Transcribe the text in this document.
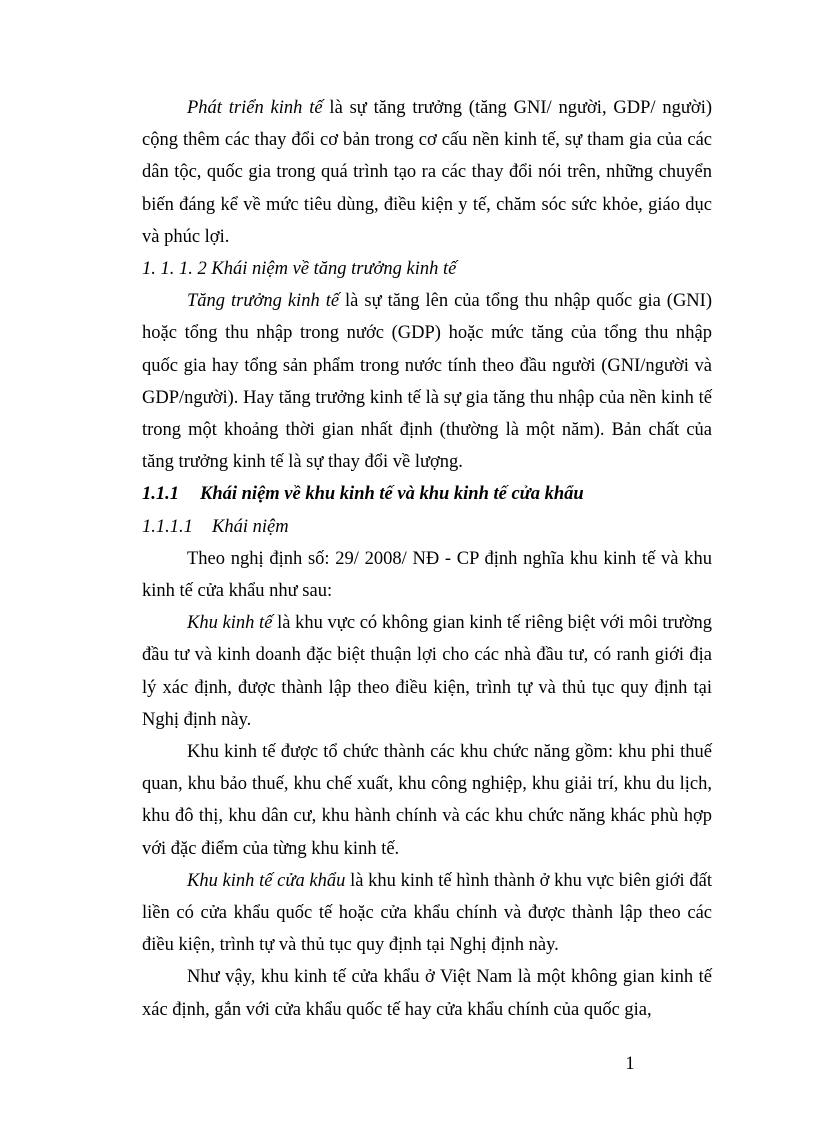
Phát triển kinh tế là sự tăng trưởng (tăng GNI/ người, GDP/ người) cộng thêm các thay đổi cơ bản trong cơ cấu nền kinh tế, sự tham gia của các dân tộc, quốc gia trong quá trình tạo ra các thay đổi nói trên, những chuyển biến đáng kể về mức tiêu dùng, điều kiện y tế, chăm sóc sức khỏe, giáo dục và phúc lợi.

1. 1. 1. 2 Khái niệm về tăng trưởng kinh tế

Tăng trưởng kinh tế là sự tăng lên của tổng thu nhập quốc gia (GNI) hoặc tổng thu nhập trong nước (GDP) hoặc mức tăng của tổng thu nhập quốc gia hay tổng sản phẩm trong nước tính theo đầu người (GNI/người và GDP/người). Hay tăng trưởng kinh tế là sự gia tăng thu nhập của nền kinh tế trong một khoảng thời gian nhất định (thường là một năm). Bản chất của tăng trưởng kinh tế là sự thay đổi về lượng.

1.1.1 Khái niệm về khu kinh tế và khu kinh tế cửa khẩu

1.1.1.1 Khái niệm

Theo nghị định số: 29/ 2008/ NĐ - CP định nghĩa khu kinh tế và khu kinh tế cửa khẩu như sau:

Khu kinh tế là khu vực có không gian kinh tế riêng biệt với môi trường đầu tư và kinh doanh đặc biệt thuận lợi cho các nhà đầu tư, có ranh giới địa lý xác định, được thành lập theo điều kiện, trình tự và thủ tục quy định tại Nghị định này.

Khu kinh tế được tổ chức thành các khu chức năng gồm: khu phi thuế quan, khu bảo thuế, khu chế xuất, khu công nghiệp, khu giải trí, khu du lịch, khu đô thị, khu dân cư, khu hành chính và các khu chức năng khác phù hợp với đặc điểm của từng khu kinh tế.

Khu kinh tế cửa khẩu là khu kinh tế hình thành ở khu vực biên giới đất liền có cửa khẩu quốc tế hoặc cửa khẩu chính và được thành lập theo các điều kiện, trình tự và thủ tục quy định tại Nghị định này.

Như vậy, khu kinh tế cửa khẩu ở Việt Nam là một không gian kinh tế xác định, gắn với cửa khẩu quốc tế hay cửa khẩu chính của quốc gia,

1
